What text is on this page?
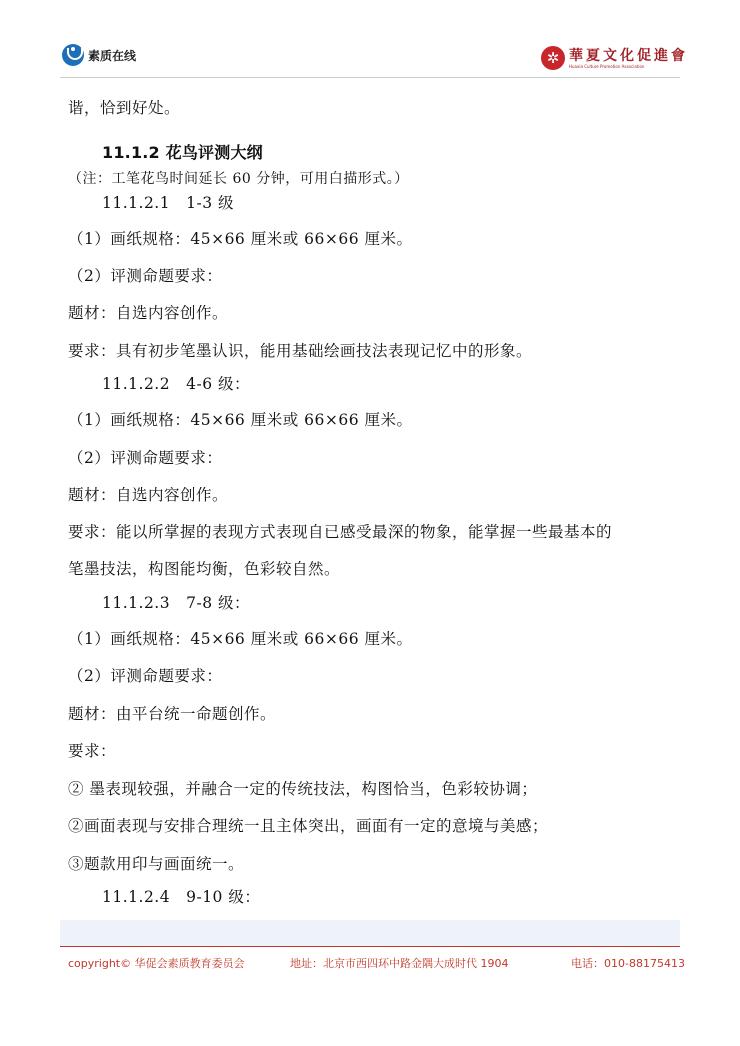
素质在线	✲ 華夏文化促進會
Huaxia Culture Promotion Association
谐，恰到好处。
11.1.2 花鸟评测大纲
（注：工笔花鸟时间延长 60 分钟，可用白描形式。）
11.1.2.1　1-3 级
（1）画纸规格：45×66 厘米或 66×66 厘米。
（2）评测命题要求：
题材：自选内容创作。
要求：具有初步笔墨认识，能用基础绘画技法表现记忆中的形象。
11.1.2.2　4-6 级：
（1）画纸规格：45×66 厘米或 66×66 厘米。
（2）评测命题要求：
题材：自选内容创作。
要求：能以所掌握的表现方式表现自已感受最深的物象，能掌握一些最基本的
笔墨技法，构图能均衡，色彩较自然。
11.1.2.3　7-8 级：
（1）画纸规格：45×66 厘米或 66×66 厘米。
（2）评测命题要求：
题材：由平台统一命题创作。
要求：
② 墨表现较强，并融合一定的传统技法，构图恰当，色彩较协调；
②画面表现与安排合理统一且主体突出，画面有一定的意境与美感；
③题款用印与画面统一。
11.1.2.4　9-10 级：
copyright© 华促会素质教育委员会	地址：北京市西四环中路金隅大成时代 1904	电话：010-88175413
